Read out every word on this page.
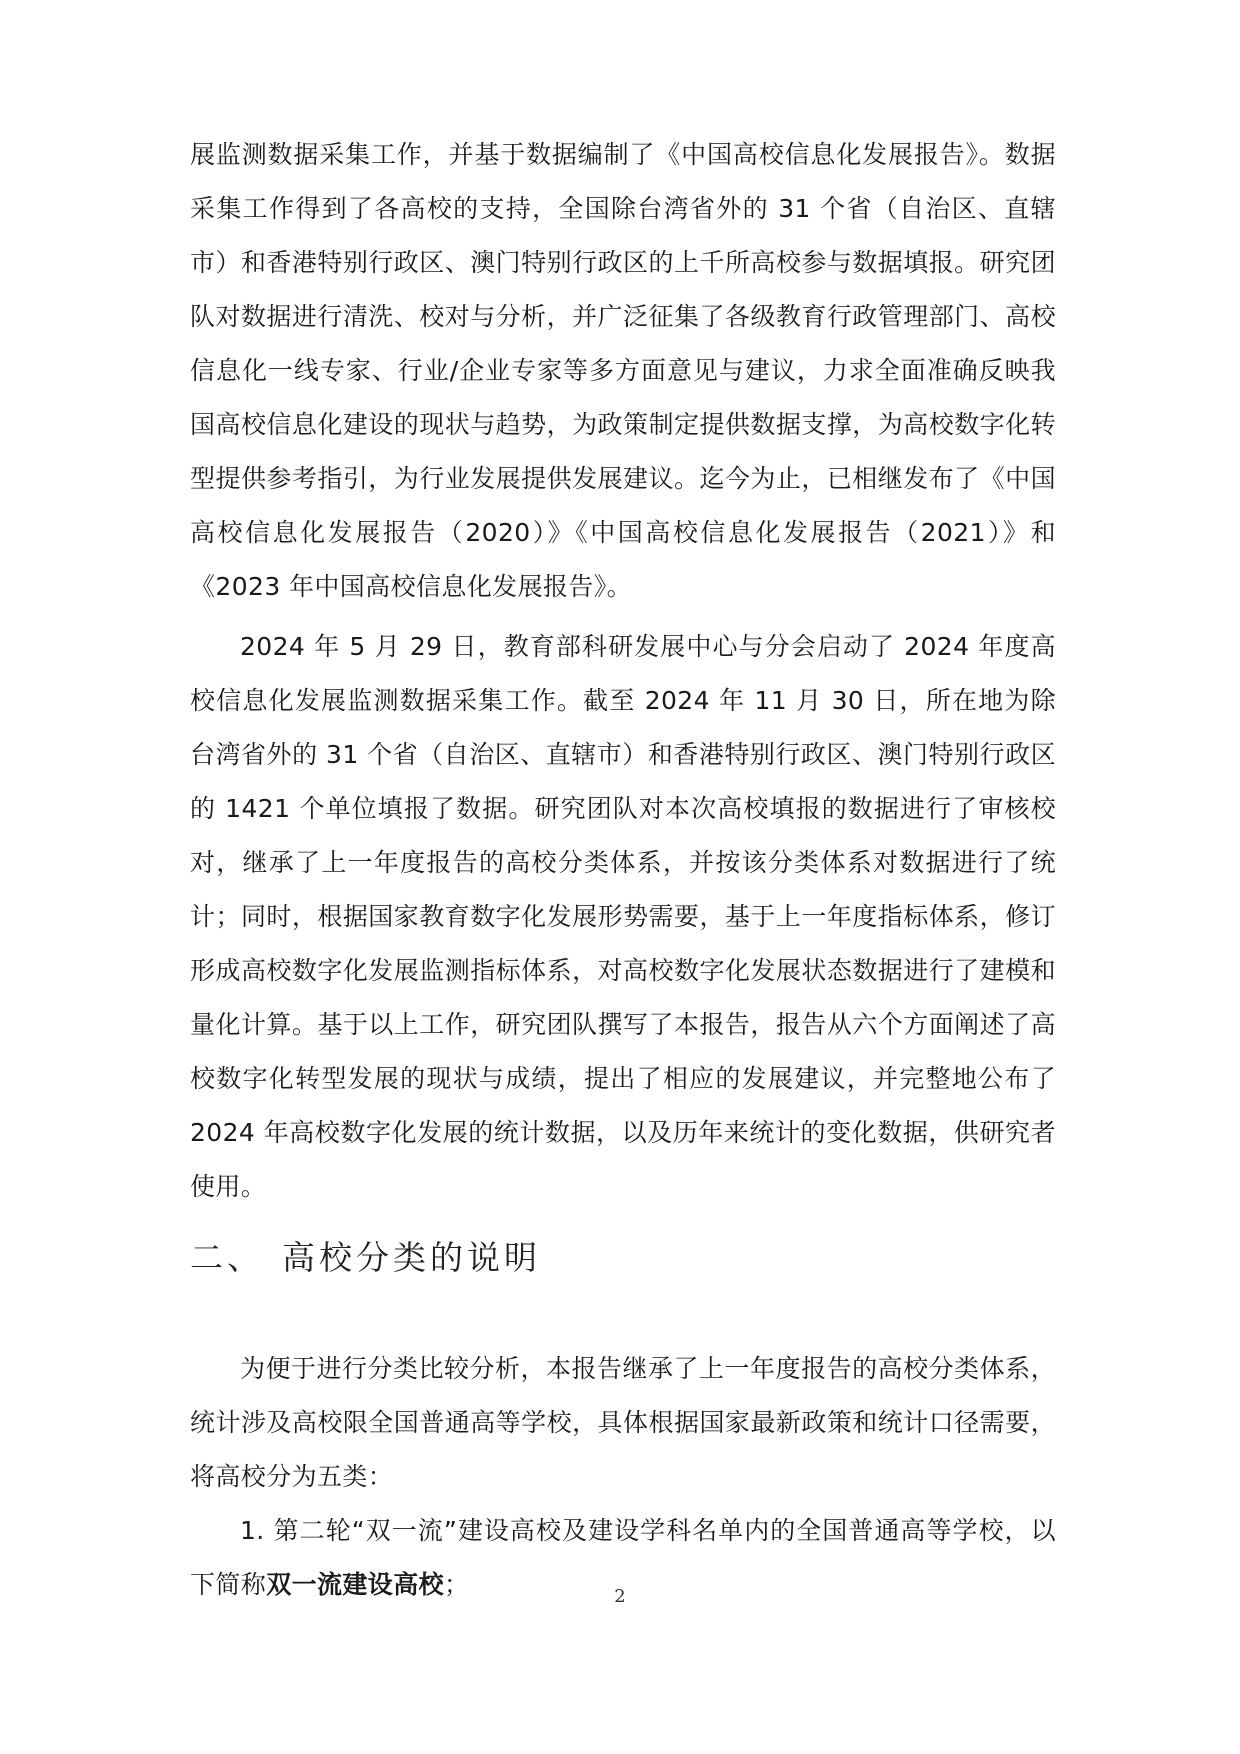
展监测数据采集工作，并基于数据编制了《中国高校信息化发展报告》。数据采集工作得到了各高校的支持，全国除台湾省外的 31 个省（自治区、直辖市）和香港特别行政区、澳门特别行政区的上千所高校参与数据填报。研究团队对数据进行清洗、校对与分析，并广泛征集了各级教育行政管理部门、高校信息化一线专家、行业/企业专家等多方面意见与建议，力求全面准确反映我国高校信息化建设的现状与趋势，为政策制定提供数据支撑，为高校数字化转型提供参考指引，为行业发展提供发展建议。迄今为止，已相继发布了《中国高校信息化发展报告（2020）》《中国高校信息化发展报告（2021）》和《2023 年中国高校信息化发展报告》。

2024 年 5 月 29 日，教育部科研发展中心与分会启动了 2024 年度高校信息化发展监测数据采集工作。截至 2024 年 11 月 30 日，所在地为除台湾省外的 31 个省（自治区、直辖市）和香港特别行政区、澳门特别行政区的 1421 个单位填报了数据。研究团队对本次高校填报的数据进行了审核校对，继承了上一年度报告的高校分类体系，并按该分类体系对数据进行了统计；同时，根据国家教育数字化发展形势需要，基于上一年度指标体系，修订形成高校数字化发展监测指标体系，对高校数字化发展状态数据进行了建模和量化计算。基于以上工作，研究团队撰写了本报告，报告从六个方面阐述了高校数字化转型发展的现状与成绩，提出了相应的发展建议，并完整地公布了 2024 年高校数字化发展的统计数据，以及历年来统计的变化数据，供研究者使用。

二、 高校分类的说明

为便于进行分类比较分析，本报告继承了上一年度报告的高校分类体系，统计涉及高校限全国普通高等学校，具体根据国家最新政策和统计口径需要，将高校分为五类：

1. 第二轮“双一流”建设高校及建设学科名单内的全国普通高等学校，以下简称双一流建设高校；	2
